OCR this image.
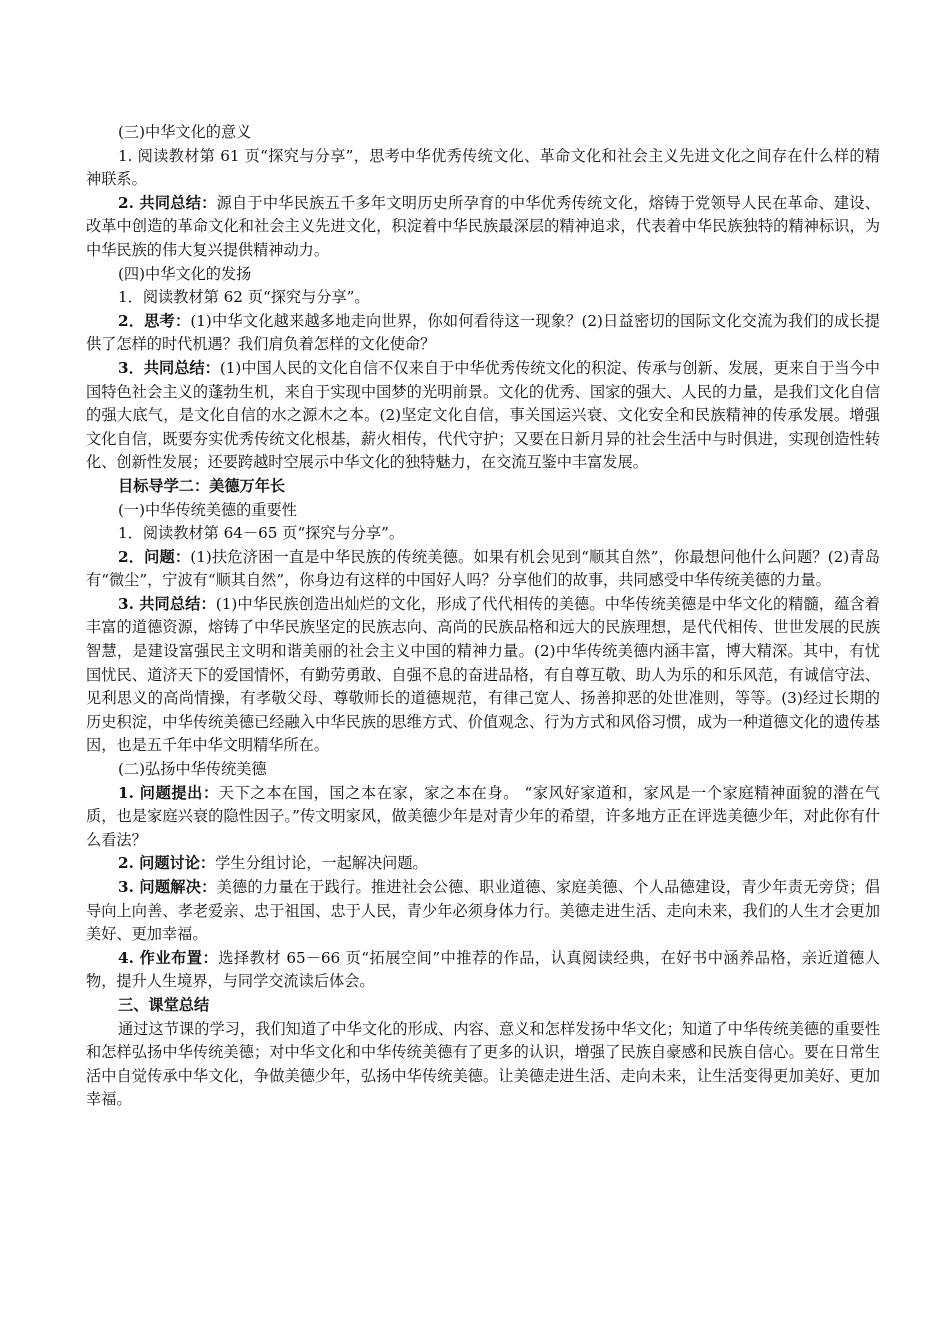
(三)中华文化的意义

1. 阅读教材第 61 页“探究与分享”，思考中华优秀传统文化、革命文化和社会主义先进文化之间存在什么样的精神联系。

2. 共同总结：源自于中华民族五千多年文明历史所孕育的中华优秀传统文化，熔铸于党领导人民在革命、建设、改革中创造的革命文化和社会主义先进文化，积淀着中华民族最深层的精神追求，代表着中华民族独特的精神标识，为中华民族的伟大复兴提供精神动力。

(四)中华文化的发扬

1．阅读教材第 62 页“探究与分享”。

2．思考：(1)中华文化越来越多地走向世界，你如何看待这一现象？(2)日益密切的国际文化交流为我们的成长提供了怎样的时代机遇？我们肩负着怎样的文化使命？

3．共同总结：(1)中国人民的文化自信不仅来自于中华优秀传统文化的积淀、传承与创新、发展，更来自于当今中国特色社会主义的蓬勃生机，来自于实现中国梦的光明前景。文化的优秀、国家的强大、人民的力量，是我们文化自信的强大底气，是文化自信的水之源木之本。(2)坚定文化自信，事关国运兴衰、文化安全和民族精神的传承发展。增强文化自信，既要夯实优秀传统文化根基，薪火相传，代代守护；又要在日新月异的社会生活中与时俱进，实现创造性转化、创新性发展；还要跨越时空展示中华文化的独特魅力，在交流互鉴中丰富发展。

目标导学二：美德万年长

(一)中华传统美德的重要性

1．阅读教材第 64－65 页“探究与分享”。

2．问题：(1)扶危济困一直是中华民族的传统美德。如果有机会见到“顺其自然”，你最想问他什么问题？(2)青岛有“微尘”，宁波有“顺其自然”，你身边有这样的中国好人吗？分享他们的故事，共同感受中华传统美德的力量。

3. 共同总结：(1)中华民族创造出灿烂的文化，形成了代代相传的美德。中华传统美德是中华文化的精髓，蕴含着丰富的道德资源，熔铸了中华民族坚定的民族志向、高尚的民族品格和远大的民族理想，是代代相传、世世发展的民族智慧，是建设富强民主文明和谐美丽的社会主义中国的精神力量。(2)中华传统美德内涵丰富，博大精深。其中，有忧国忧民、道济天下的爱国情怀，有勤劳勇敢、自强不息的奋进品格，有自尊互敬、助人为乐的和乐风范，有诚信守法、见利思义的高尚情操，有孝敬父母、尊敬师长的道德规范，有律己宽人、扬善抑恶的处世准则，等等。(3)经过长期的历史积淀，中华传统美德已经融入中华民族的思维方式、价值观念、行为方式和风俗习惯，成为一种道德文化的遗传基因，也是五千年中华文明精华所在。

(二)弘扬中华传统美德

1. 问题提出：天下之本在国，国之本在家，家之本在身。 “家风好家道和，家风是一个家庭精神面貌的潜在气质，也是家庭兴衰的隐性因子。”传文明家风，做美德少年是对青少年的希望，许多地方正在评选美德少年，对此你有什么看法？

2. 问题讨论：学生分组讨论，一起解决问题。

3. 问题解决：美德的力量在于践行。推进社会公德、职业道德、家庭美德、个人品德建设，青少年责无旁贷；倡导向上向善、孝老爱亲、忠于祖国、忠于人民，青少年必须身体力行。美德走进生活、走向未来，我们的人生才会更加美好、更加幸福。

4. 作业布置：选择教材 65－66 页“拓展空间”中推荐的作品，认真阅读经典，在好书中涵养品格，亲近道德人物，提升人生境界，与同学交流读后体会。

三、课堂总结

通过这节课的学习，我们知道了中华文化的形成、内容、意义和怎样发扬中华文化；知道了中华传统美德的重要性和怎样弘扬中华传统美德；对中华文化和中华传统美德有了更多的认识，增强了民族自豪感和民族自信心。要在日常生活中自觉传承中华文化，争做美德少年，弘扬中华传统美德。让美德走进生活、走向未来，让生活变得更加美好、更加幸福。
